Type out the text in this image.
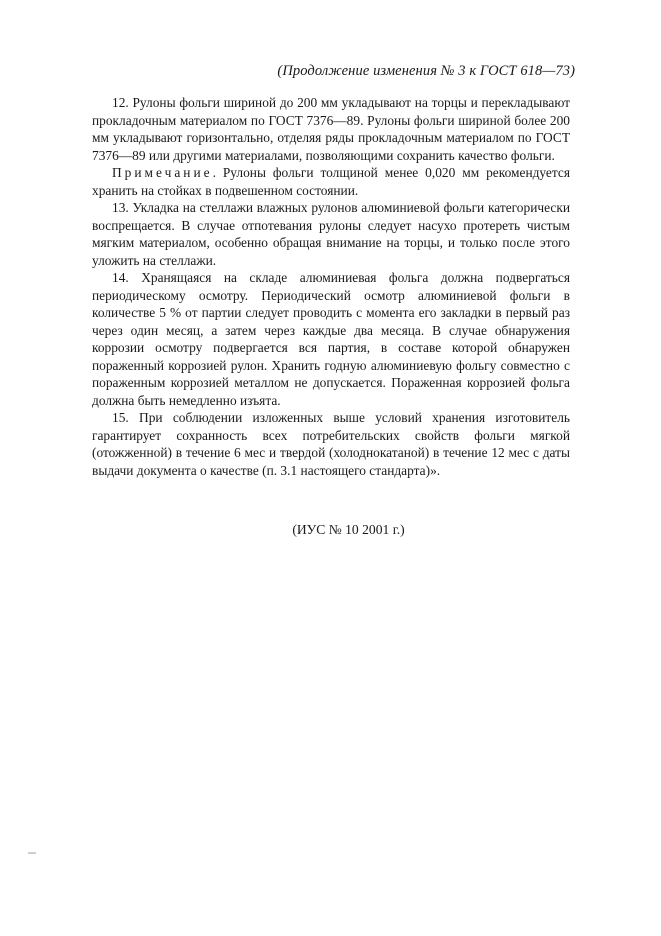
(Продолжение изменения № 3 к ГОСТ 618—73)

12. Рулоны фольги шириной до 200 мм укладывают на торцы и перекладывают прокладочным материалом по ГОСТ 7376—89. Рулоны фольги шириной более 200 мм укладывают горизонтально, отделяя ряды прокладочным материалом по ГОСТ 7376—89 или другими материалами, позволяющими сохранить качество фольги.

Примечание. Рулоны фольги толщиной менее 0,020 мм рекомендуется хранить на стойках в подвешенном состоянии.

13. Укладка на стеллажи влажных рулонов алюминиевой фольги категорически воспрещается. В случае отпотевания рулоны следует насухо протереть чистым мягким материалом, особенно обращая внимание на торцы, и только после этого уложить на стеллажи.

14. Хранящаяся на складе алюминиевая фольга должна подвергаться периодическому осмотру. Периодический осмотр алюминиевой фольги в количестве 5 % от партии следует проводить с момента его закладки в первый раз через один месяц, а затем через каждые два месяца. В случае обнаружения коррозии осмотру подвергается вся партия, в составе которой обнаружен пораженный коррозией рулон. Хранить годную алюминиевую фольгу совместно с пораженным коррозией металлом не допускается. Пораженная коррозией фольга должна быть немедленно изъята.

15. При соблюдении изложенных выше условий хранения изготовитель гарантирует сохранность всех потребительских свойств фольги мягкой (отожженной) в течение 6 мес и твердой (холоднокатаной) в течение 12 мес с даты выдачи документа о качестве (п. 3.1 настоящего стандарта)».

(ИУС № 10 2001 г.)
